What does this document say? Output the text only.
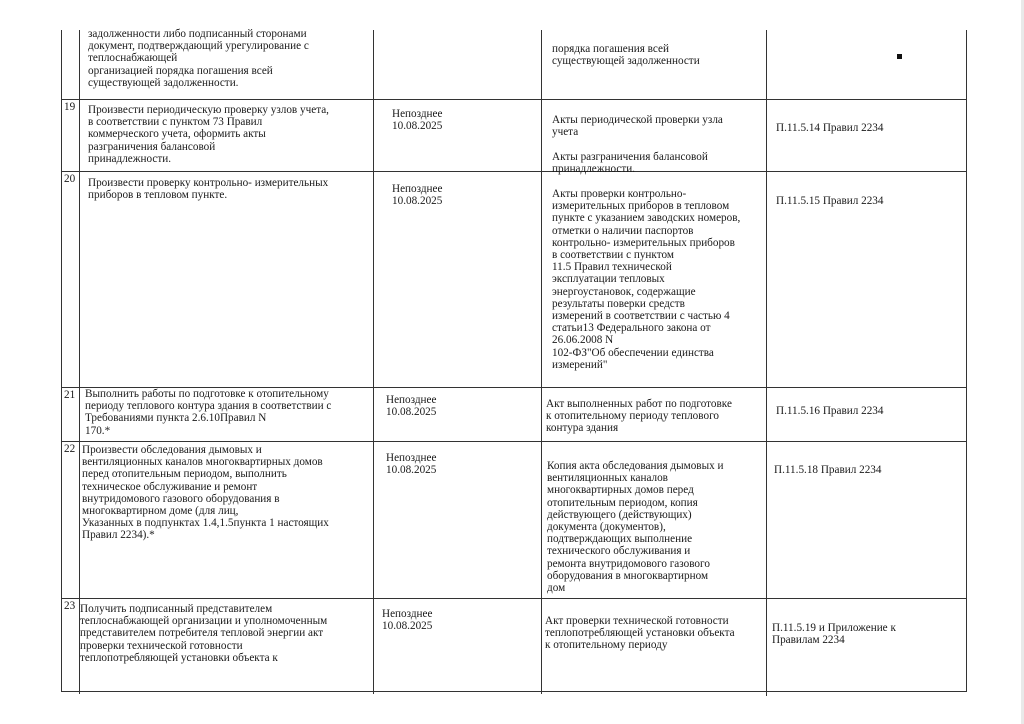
задолженности либо подписанный сторонами
документ, подтверждающий урегулирование с
теплоснабжающей
организацией порядка погашения всей
существующей задолженности.
порядка погашения всей
существующей задолженности
19 Произвести периодическую проверку узлов учета,
в соответствии с пунктом 73 Правил
коммерческого учета, оформить акты
разграничения балансовой
принадлежности.
Непозднее
10.08.2025
Акты периодической проверки узла
учета

Акты разграничения балансовой
принадлежности.
П.11.5.14 Правил 2234
20 Произвести проверку контрольно- измерительных
приборов в тепловом пункте.
Непозднее
10.08.2025
Акты проверки контрольно-
измерительных приборов в тепловом
пункте с указанием заводских номеров,
отметки о наличии паспортов
контрольно- измерительных приборов
в соответствии с пунктом
11.5 Правил технической
эксплуатации тепловых
энергоустановок, содержащие
результаты поверки средств
измерений в соответствии с частью 4
статьи13 Федерального закона от
26.06.2008 N
102-ФЗ"Об обеспечении единства
измерений"
П.11.5.15 Правил 2234
21 Выполнить работы по подготовке к отопительному
периоду теплового контура здания в соответствии с
Требованиями пункта 2.6.10Правил N
170.*
Непозднее
10.08.2025
Акт выполненных работ по подготовке
к отопительному периоду теплового
контура здания
П.11.5.16 Правил 2234
22 Произвести обследования дымовых и
вентиляционных каналов многоквартирных домов
перед отопительным периодом, выполнить
техническое обслуживание и ремонт
внутридомового газового оборудования в
многоквартирном доме (для лиц,
Указанных в подпунктах 1.4,1.5пункта 1 настоящих
Правил 2234).*
Непозднее
10.08.2025	Копия акта обследования дымовых и
вентиляционных каналов
многоквартирных домов перед
отопительным периодом, копия
действующего (действующих)
документа (документов),
подтверждающих выполнение
технического обслуживания и
ремонта внутридомового газового
оборудования в многоквартирном
дом
П.11.5.18 Правил 2234
23 Получить подписанный представителем
теплоснабжающей организации и уполномоченным
представителем потребителя тепловой энергии акт
проверки технической готовности
теплопотребляющей установки объекта к
Непозднее
10.08.2025	Акт проверки технической готовности
теплопотребляющей установки объекта
к отопительному периоду
П.11.5.19 и Приложение к
Правилам 2234
